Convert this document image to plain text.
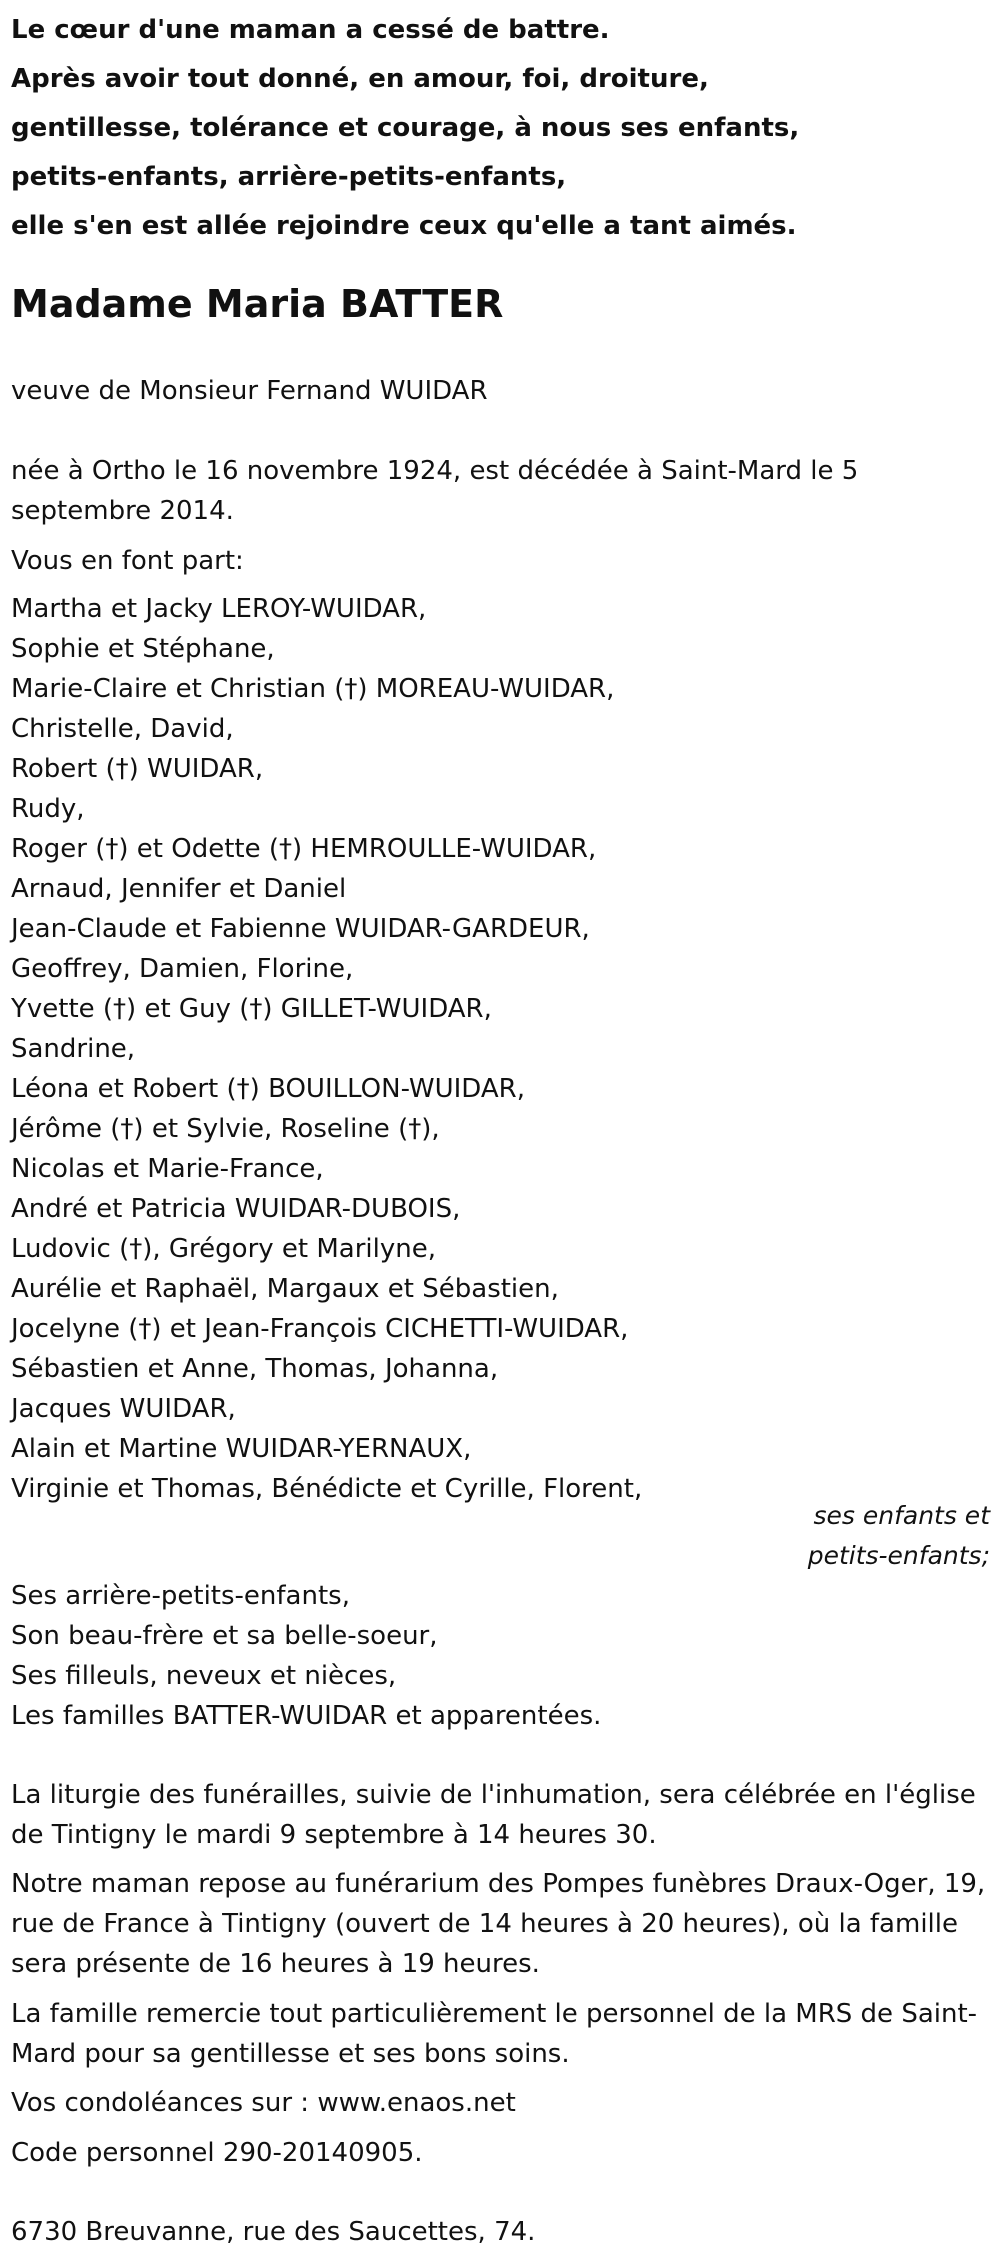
Le cœur d'une maman a cessé de battre.
Après avoir tout donné, en amour, foi, droiture,
gentillesse, tolérance et courage, à nous ses enfants,
petits-enfants, arrière-petits-enfants,
elle s'en est allée rejoindre ceux qu'elle a tant aimés.
Madame Maria BATTER

veuve de Monsieur Fernand WUIDAR

née à Ortho le 16 novembre 1924, est décédée à Saint-Mard le 5 septembre 2014.

Vous en font part:

Martha et Jacky LEROY-WUIDAR,
Sophie et Stéphane,
Marie-Claire et Christian (†) MOREAU-WUIDAR,
Christelle, David,
Robert (†) WUIDAR,
Rudy,
Roger (†) et Odette (†) HEMROULLE-WUIDAR,
Arnaud, Jennifer et Daniel
Jean-Claude et Fabienne WUIDAR-GARDEUR,
Geoffrey, Damien, Florine,
Yvette (†) et Guy (†) GILLET-WUIDAR,
Sandrine,
Léona et Robert (†) BOUILLON-WUIDAR,
Jérôme (†) et Sylvie, Roseline (†),
Nicolas et Marie-France,
André et Patricia WUIDAR-DUBOIS,
Ludovic (†), Grégory et Marilyne,
Aurélie et Raphaël, Margaux et Sébastien,
Jocelyne (†) et Jean-François CICHETTI-WUIDAR,
Sébastien et Anne, Thomas, Johanna,
Jacques WUIDAR,
Alain et Martine WUIDAR-YERNAUX,
Virginie et Thomas, Bénédicte et Cyrille, Florent,
ses enfants et
petits-enfants;
Ses arrière-petits-enfants,
Son beau-frère et sa belle-soeur,
Ses filleuls, neveux et nièces,
Les familles BATTER-WUIDAR et apparentées.

La liturgie des funérailles, suivie de l'inhumation, sera célébrée en l'église de Tintigny le mardi 9 septembre à 14 heures 30.

Notre maman repose au funérarium des Pompes funèbres Draux-Oger, 19, rue de France à Tintigny (ouvert de 14 heures à 20 heures), où la famille sera présente de 16 heures à 19 heures.

La famille remercie tout particulièrement le personnel de la MRS de Saint-Mard pour sa gentillesse et ses bons soins.

Vos condoléances sur : www.enaos.net

Code personnel 290-20140905.

6730 Breuvanne, rue des Saucettes, 74.
